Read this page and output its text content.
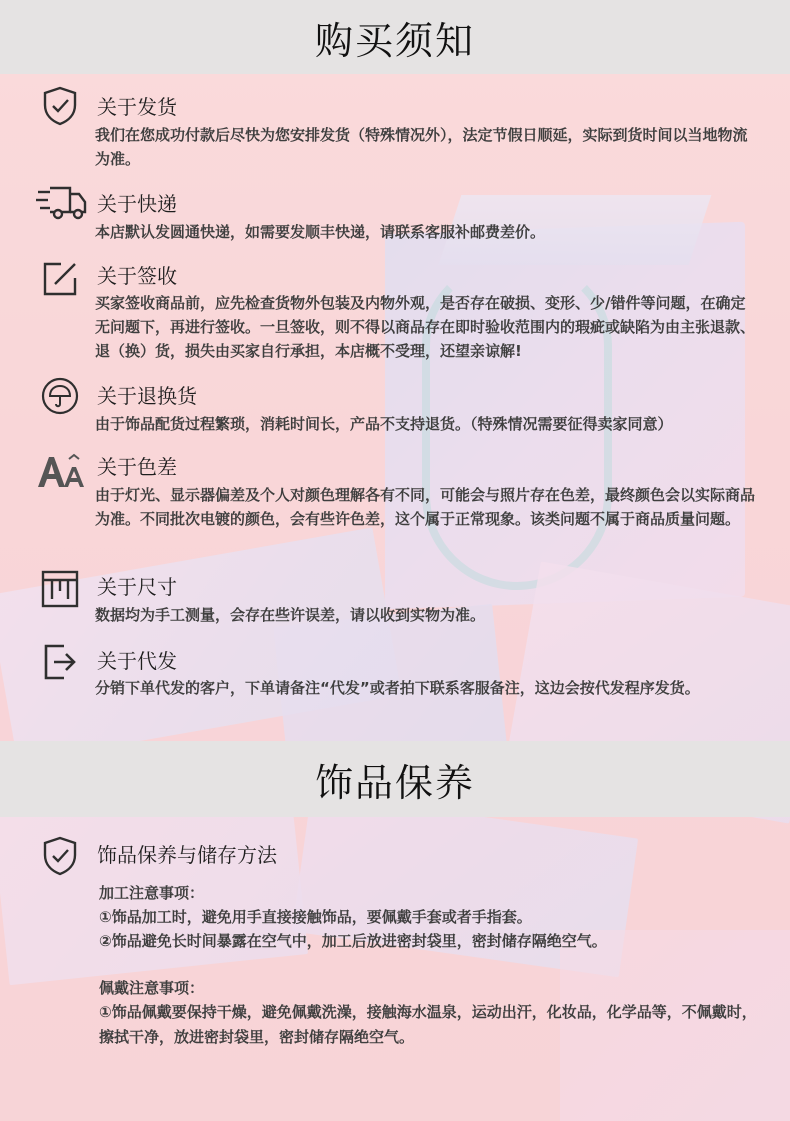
购买须知
关于发货
我们在您成功付款后尽快为您安排发货（特殊情况外），法定节假日顺延，实际到货时间以当地物流为准。
关于快递
本店默认发圆通快递，如需要发顺丰快递，请联系客服补邮费差价。
关于签收
买家签收商品前，应先检查货物外包装及内物外观，是否存在破损、变形、少/错件等问题，在确定无问题下，再进行签收。一旦签收，则不得以商品存在即时验收范围内的瑕疵或缺陷为由主张退款、退（换）货，损失由买家自行承担，本店概不受理，还望亲谅解!
关于退换货
由于饰品配货过程繁琐，消耗时间长，产品不支持退货。（特殊情况需要征得卖家同意）
关于色差
由于灯光、显示器偏差及个人对颜色理解各有不同，可能会与照片存在色差，最终颜色会以实际商品为准。不同批次电镀的颜色，会有些许色差，这个属于正常现象。该类问题不属于商品质量问题。
关于尺寸
数据均为手工测量，会存在些许误差，请以收到实物为准。
关于代发
分销下单代发的客户，下单请备注“代发”或者拍下联系客服备注，这边会按代发程序发货。
饰品保养
饰品保养与储存方法
加工注意事项：
①饰品加工时，避免用手直接接触饰品，要佩戴手套或者手指套。
②饰品避免长时间暴露在空气中，加工后放进密封袋里，密封储存隔绝空气。
佩戴注意事项：
①饰品佩戴要保持干燥，避免佩戴洗澡，接触海水温泉，运动出汗，化妆品，化学品等，不佩戴时，擦拭干净，放进密封袋里，密封储存隔绝空气。
